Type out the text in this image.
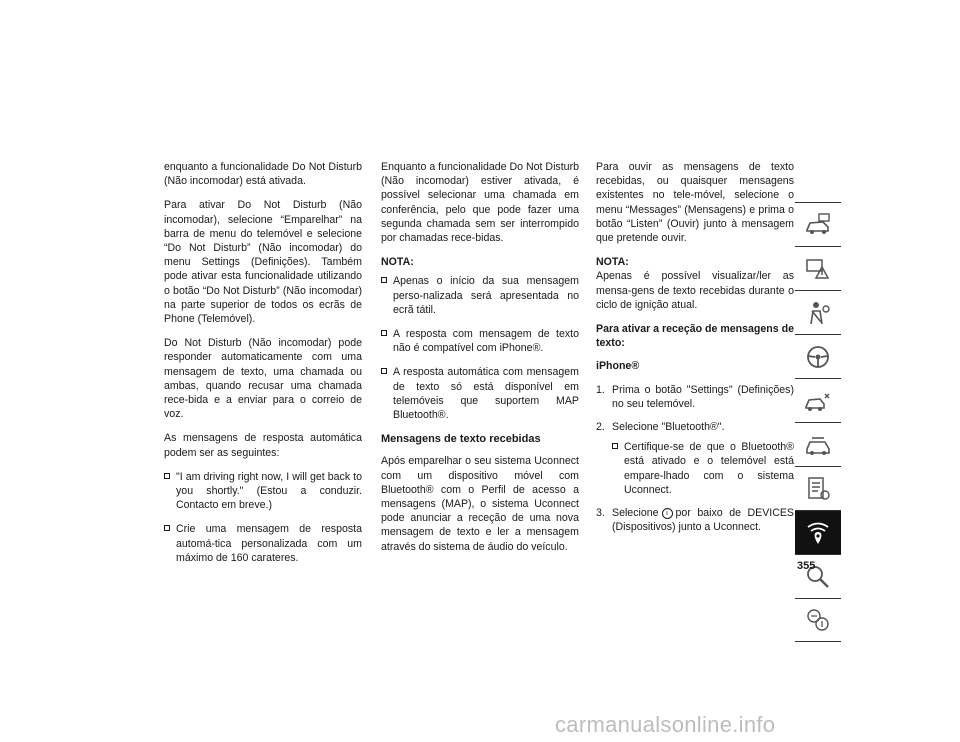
enquanto a funcionalidade Do Not Disturb (Não incomodar) está ativada.

Para ativar Do Not Disturb (Não incomodar), selecione “Emparelhar” na barra de menu do telemóvel e selecione “Do Not Disturb” (Não incomodar) do menu Settings (Definições). Também pode ativar esta funcionalidade utilizando o botão “Do Not Disturb” (Não incomodar) na parte superior de todos os ecrãs de Phone (Telemóvel).

Do Not Disturb (Não incomodar) pode responder automaticamente com uma mensagem de texto, uma chamada ou ambas, quando recusar uma chamada rece-bida e a enviar para o correio de voz.

As mensagens de resposta automática podem ser as seguintes:

"I am driving right now, I will get back to you shortly." (Estou a conduzir. Contacto em breve.)
Crie uma mensagem de resposta automá-tica personalizada com um máximo de 160 carateres.

Enquanto a funcionalidade Do Not Disturb (Não incomodar) estiver ativada, é possível selecionar uma chamada em conferência, pelo que pode fazer uma segunda chamada sem ser interrompido por chamadas rece-bidas.

NOTA:
Apenas o início da sua mensagem perso-nalizada será apresentada no ecrã tátil.
A resposta com mensagem de texto não é compatível com iPhone®.
A resposta automática com mensagem de texto só está disponível em telemóveis que suportem MAP Bluetooth®.
Mensagens de texto recebidas

Após emparelhar o seu sistema Uconnect com um dispositivo móvel com Bluetooth® com o Perfil de acesso a mensagens (MAP), o sistema Uconnect pode anunciar a receção de uma nova mensagem de texto e ler a mensagem através do sistema de áudio do veículo.

Para ouvir as mensagens de texto recebidas, ou quaisquer mensagens existentes no tele-móvel, selecione o menu “Messages” (Mensagens) e prima o botão “Listen” (Ouvir) junto à mensagem que pretende ouvir.

NOTA:

Apenas é possível visualizar/ler as mensa-gens de texto recebidas durante o ciclo de ignição atual.

Para ativar a receção de mensagens de texto:
iPhone®
1. Prima o botão "Settings" (Definições) no seu telemóvel.
2. Selecione "Bluetooth®".
Certifique-se de que o Bluetooth® está ativado e o telemóvel está empare-lhado com o sistema Uconnect.
3. Selecione i por baixo de DEVICES (Dispositivos) junto a Uconnect.
355
carmanualsonline.info
